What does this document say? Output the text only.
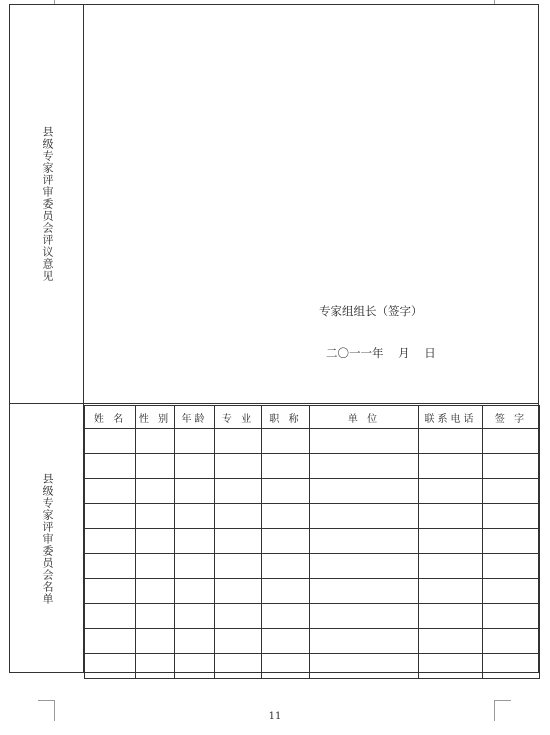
县级专家评审委员会评议意见
专家组组长（签字）
二〇一一年    月    日
县级专家评审委员会名单
姓 名	性 别	年龄	专 业	职 称	单 位	联系电话	签 字

11
